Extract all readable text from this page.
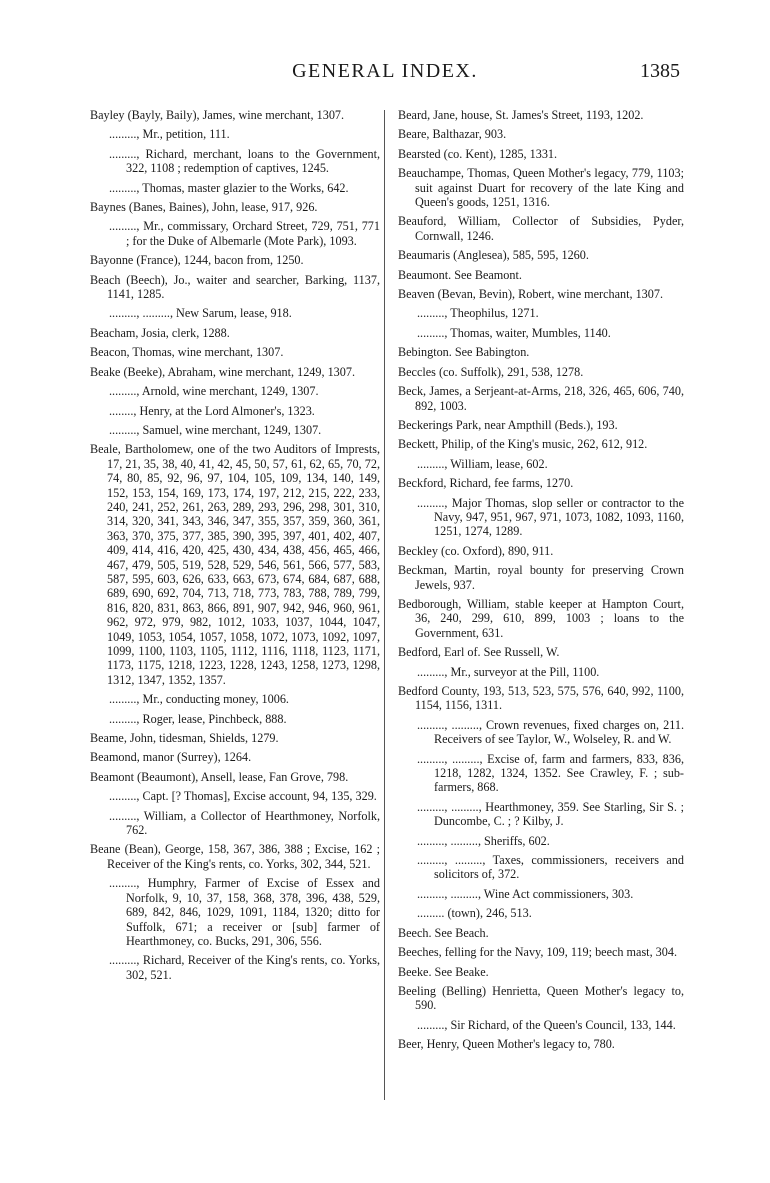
GENERAL INDEX.	1385
Bayley (Bayly, Baily), James, wine merchant, 1307.
........., Mr., petition, 111.
........., Richard, merchant, loans to the Government, 322, 1108 ; redemption of captives, 1245.
........., Thomas, master glazier to the Works, 642.
Baynes (Banes, Baines), John, lease, 917, 926.
........., Mr., commissary, Orchard Street, 729, 751, 771 ; for the Duke of Albemarle (Mote Park), 1093.
Bayonne (France), 1244, bacon from, 1250.
Beach (Beech), Jo., waiter and searcher, Barking, 1137, 1141, 1285.
........., ........., New Sarum, lease, 918.
Beacham, Josia, clerk, 1288.
Beacon, Thomas, wine merchant, 1307.
Beake (Beeke), Abraham, wine merchant, 1249, 1307.
........., Arnold, wine merchant, 1249, 1307.
........, Henry, at the Lord Almoner's, 1323.
........., Samuel, wine merchant, 1249, 1307.
Beale, Bartholomew, one of the two Auditors of Imprests, 17, 21, 35, 38, 40, 41, 42, 45, 50, 57, 61, 62, 65, 70, 72, 74, 80, 85, 92, 96, 97, 104, 105, 109, 134, 140, 149, 152, 153, 154, 169, 173, 174, 197, 212, 215, 222, 233, 240, 241, 252, 261, 263, 289, 293, 296, 298, 301, 310, 314, 320, 341, 343, 346, 347, 355, 357, 359, 360, 361, 363, 370, 375, 377, 385, 390, 395, 397, 401, 402, 407, 409, 414, 416, 420, 425, 430, 434, 438, 456, 465, 466, 467, 479, 505, 519, 528, 529, 546, 561, 566, 577, 583, 587, 595, 603, 626, 633, 663, 673, 674, 684, 687, 688, 689, 690, 692, 704, 713, 718, 773, 783, 788, 789, 799, 816, 820, 831, 863, 866, 891, 907, 942, 946, 960, 961, 962, 972, 979, 982, 1012, 1033, 1037, 1044, 1047, 1049, 1053, 1054, 1057, 1058, 1072, 1073, 1092, 1097, 1099, 1100, 1103, 1105, 1112, 1116, 1118, 1123, 1171, 1173, 1175, 1218, 1223, 1228, 1243, 1258, 1273, 1298, 1312, 1347, 1352, 1357.
........., Mr., conducting money, 1006.
........., Roger, lease, Pinchbeck, 888.
Beame, John, tidesman, Shields, 1279.
Beamond, manor (Surrey), 1264.
Beamont (Beaumont), Ansell, lease, Fan Grove, 798.
........., Capt. [? Thomas], Excise account, 94, 135, 329.
........., William, a Collector of Hearthmoney, Norfolk, 762.
Beane (Bean), George, 158, 367, 386, 388 ; Excise, 162 ; Receiver of the King's rents, co. Yorks, 302, 344, 521.
........., Humphry, Farmer of Excise of Essex and Norfolk, 9, 10, 37, 158, 368, 378, 396, 438, 529, 689, 842, 846, 1029, 1091, 1184, 1320; ditto for Suffolk, 671; a receiver or [sub] farmer of Hearthmoney, co. Bucks, 291, 306, 556.
........., Richard, Receiver of the King's rents, co. Yorks, 302, 521.
Beard, Jane, house, St. James's Street, 1193, 1202.
Beare, Balthazar, 903.
Bearsted (co. Kent), 1285, 1331.
Beauchampe, Thomas, Queen Mother's legacy, 779, 1103; suit against Duart for recovery of the late King and Queen's goods, 1251, 1316.
Beauford, William, Collector of Subsidies, Pyder, Cornwall, 1246.
Beaumaris (Anglesea), 585, 595, 1260.
Beaumont. See Beamont.
Beaven (Bevan, Bevin), Robert, wine merchant, 1307.
........., Theophilus, 1271.
........., Thomas, waiter, Mumbles, 1140.
Bebington. See Babington.
Beccles (co. Suffolk), 291, 538, 1278.
Beck, James, a Serjeant-at-Arms, 218, 326, 465, 606, 740, 892, 1003.
Beckerings Park, near Ampthill (Beds.), 193.
Beckett, Philip, of the King's music, 262, 612, 912.
........., William, lease, 602.
Beckford, Richard, fee farms, 1270.
........., Major Thomas, slop seller or contractor to the Navy, 947, 951, 967, 971, 1073, 1082, 1093, 1160, 1251, 1274, 1289.
Beckley (co. Oxford), 890, 911.
Beckman, Martin, royal bounty for preserving Crown Jewels, 937.
Bedborough, William, stable keeper at Hampton Court, 36, 240, 299, 610, 899, 1003 ; loans to the Government, 631.
Bedford, Earl of. See Russell, W.
........., Mr., surveyor at the Pill, 1100.
Bedford County, 193, 513, 523, 575, 576, 640, 992, 1100, 1154, 1156, 1311.
........., ........., Crown revenues, fixed charges on, 211. Receivers of see Taylor, W., Wolseley, R. and W.
........., ........., Excise of, farm and farmers, 833, 836, 1218, 1282, 1324, 1352. See Crawley, F. ; sub-farmers, 868.
........., ........., Hearthmoney, 359. See Starling, Sir S. ; Duncombe, C. ; ? Kilby, J.
........., ........., Sheriffs, 602.
........., ........., Taxes, commissioners, receivers and solicitors of, 372.
........., ........., Wine Act commissioners, 303.
......... (town), 246, 513.
Beech. See Beach.
Beeches, felling for the Navy, 109, 119; beech mast, 304.
Beeke. See Beake.
Beeling (Belling) Henrietta, Queen Mother's legacy to, 590.
........., Sir Richard, of the Queen's Council, 133, 144.
Beer, Henry, Queen Mother's legacy to, 780.
